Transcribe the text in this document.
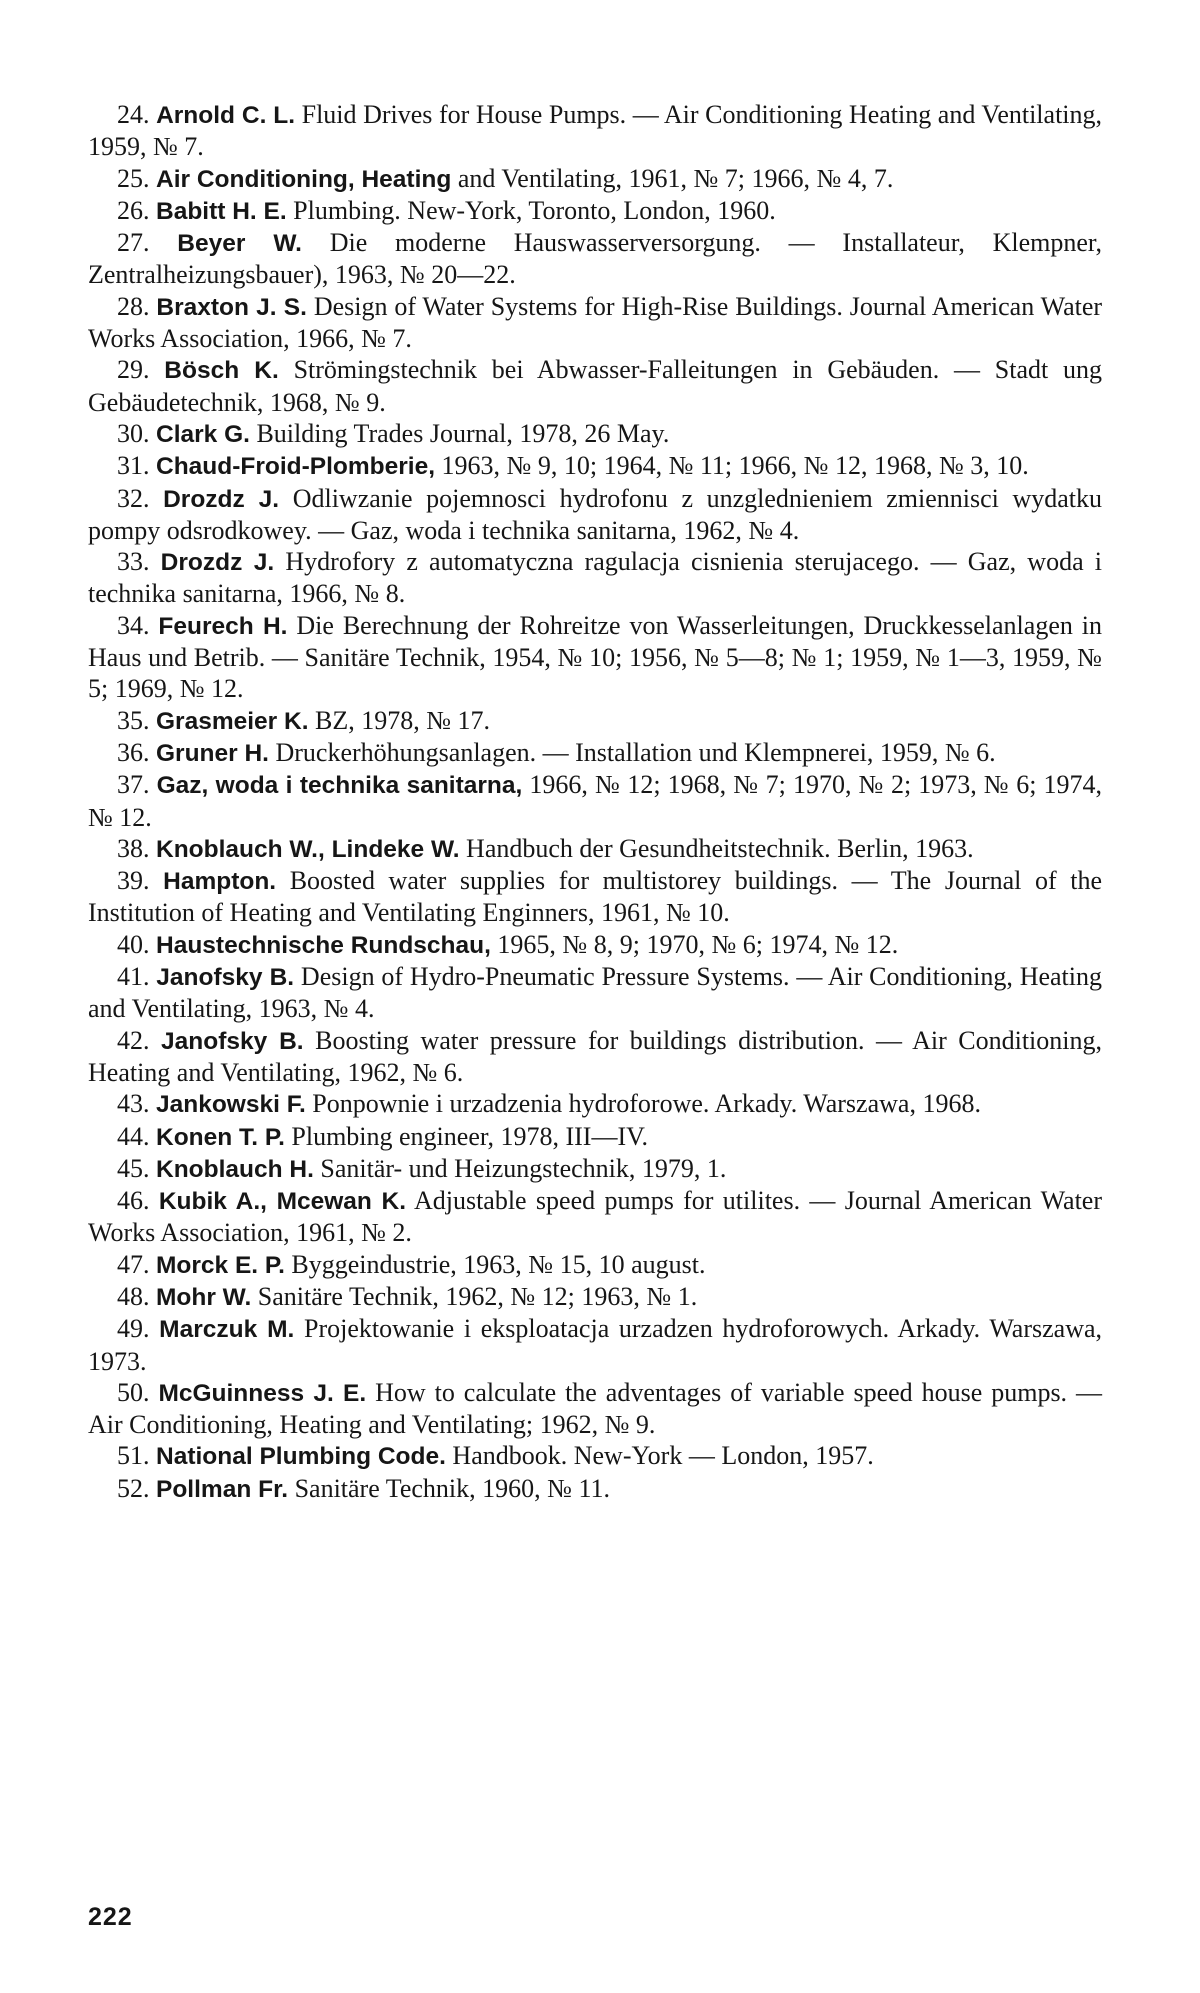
24. Arnold C. L. Fluid Drives for House Pumps. — Air Conditioning Heating and Ventilating, 1959, № 7.

25. Air Conditioning, Heating and Ventilating, 1961, № 7; 1966, № 4, 7.

26. Babitt H. E. Plumbing. New-York, Toronto, London, 1960.

27. Beyer W. Die moderne Hauswasserversorgung. — Installateur, Klempner, Zentralheizungsbauer), 1963, № 20—22.

28. Braxton J. S. Design of Water Systems for High-Rise Buildings. Journal American Water Works Association, 1966, № 7.

29. Bösch K. Strömingstechnik bei Abwasser-Falleitungen in Gebäuden. — Stadt ung Gebäudetechnik, 1968, № 9.

30. Clark G. Building Trades Journal, 1978, 26 May.

31. Chaud-Froid-Plomberie, 1963, № 9, 10; 1964, № 11; 1966, № 12, 1968, № 3, 10.

32. Drozdz J. Odliwzanie pojemnosci hydrofonu z unzglednieniem zmiennisci wydatku pompy odsrodkowey. — Gaz, woda i technika sanitarna, 1962, № 4.

33. Drozdz J. Hydrofory z automatyczna ragulacja cisnienia sterujacego. — Gaz, woda i technika sanitarna, 1966, № 8.

34. Feurech H. Die Berechnung der Rohreitze von Wasserleitungen, Druckkesselanlagen in Haus und Betrib. — Sanitäre Technik, 1954, № 10; 1956, № 5—8; № 1; 1959, № 1—3, 1959, № 5; 1969, № 12.

35. Grasmeier K. BZ, 1978, № 17.

36. Gruner H. Druckerhöhungsanlagen. — Installation und Klempnerei, 1959, № 6.

37. Gaz, woda i technika sanitarna, 1966, № 12; 1968, № 7; 1970, № 2; 1973, № 6; 1974, № 12.

38. Knoblauch W., Lindeke W. Handbuch der Gesundheitstechnik. Berlin, 1963.

39. Hampton. Boosted water supplies for multistorey buildings. — The Journal of the Institution of Heating and Ventilating Enginners, 1961, № 10.

40. Haustechnische Rundschau, 1965, № 8, 9; 1970, № 6; 1974, № 12.

41. Janofsky B. Design of Hydro-Pneumatic Pressure Systems. — Air Conditioning, Heating and Ventilating, 1963, № 4.

42. Janofsky B. Boosting water pressure for buildings distribution. — Air Conditioning, Heating and Ventilating, 1962, № 6.

43. Jankowski F. Ponpownie i urzadzenia hydroforowe. Arkady. Warszawa, 1968.

44. Konen T. P. Plumbing engineer, 1978, III—IV.

45. Knoblauch H. Sanitär- und Heizungstechnik, 1979, 1.

46. Kubik A., Mcewan K. Adjustable speed pumps for utilites. — Journal American Water Works Association, 1961, № 2.

47. Morck E. P. Byggeindustrie, 1963, № 15, 10 august.

48. Mohr W. Sanitäre Technik, 1962, № 12; 1963, № 1.

49. Marczuk M. Projektowanie i eksploatacja urzadzen hydroforowych. Arkady. Warszawa, 1973.

50. McGuinness J. E. How to calculate the adventages of variable speed house pumps. — Air Conditioning, Heating and Ventilating; 1962, № 9.

51. National Plumbing Code. Handbook. New-York — London, 1957.

52. Pollman Fr. Sanitäre Technik, 1960, № 11.

222
